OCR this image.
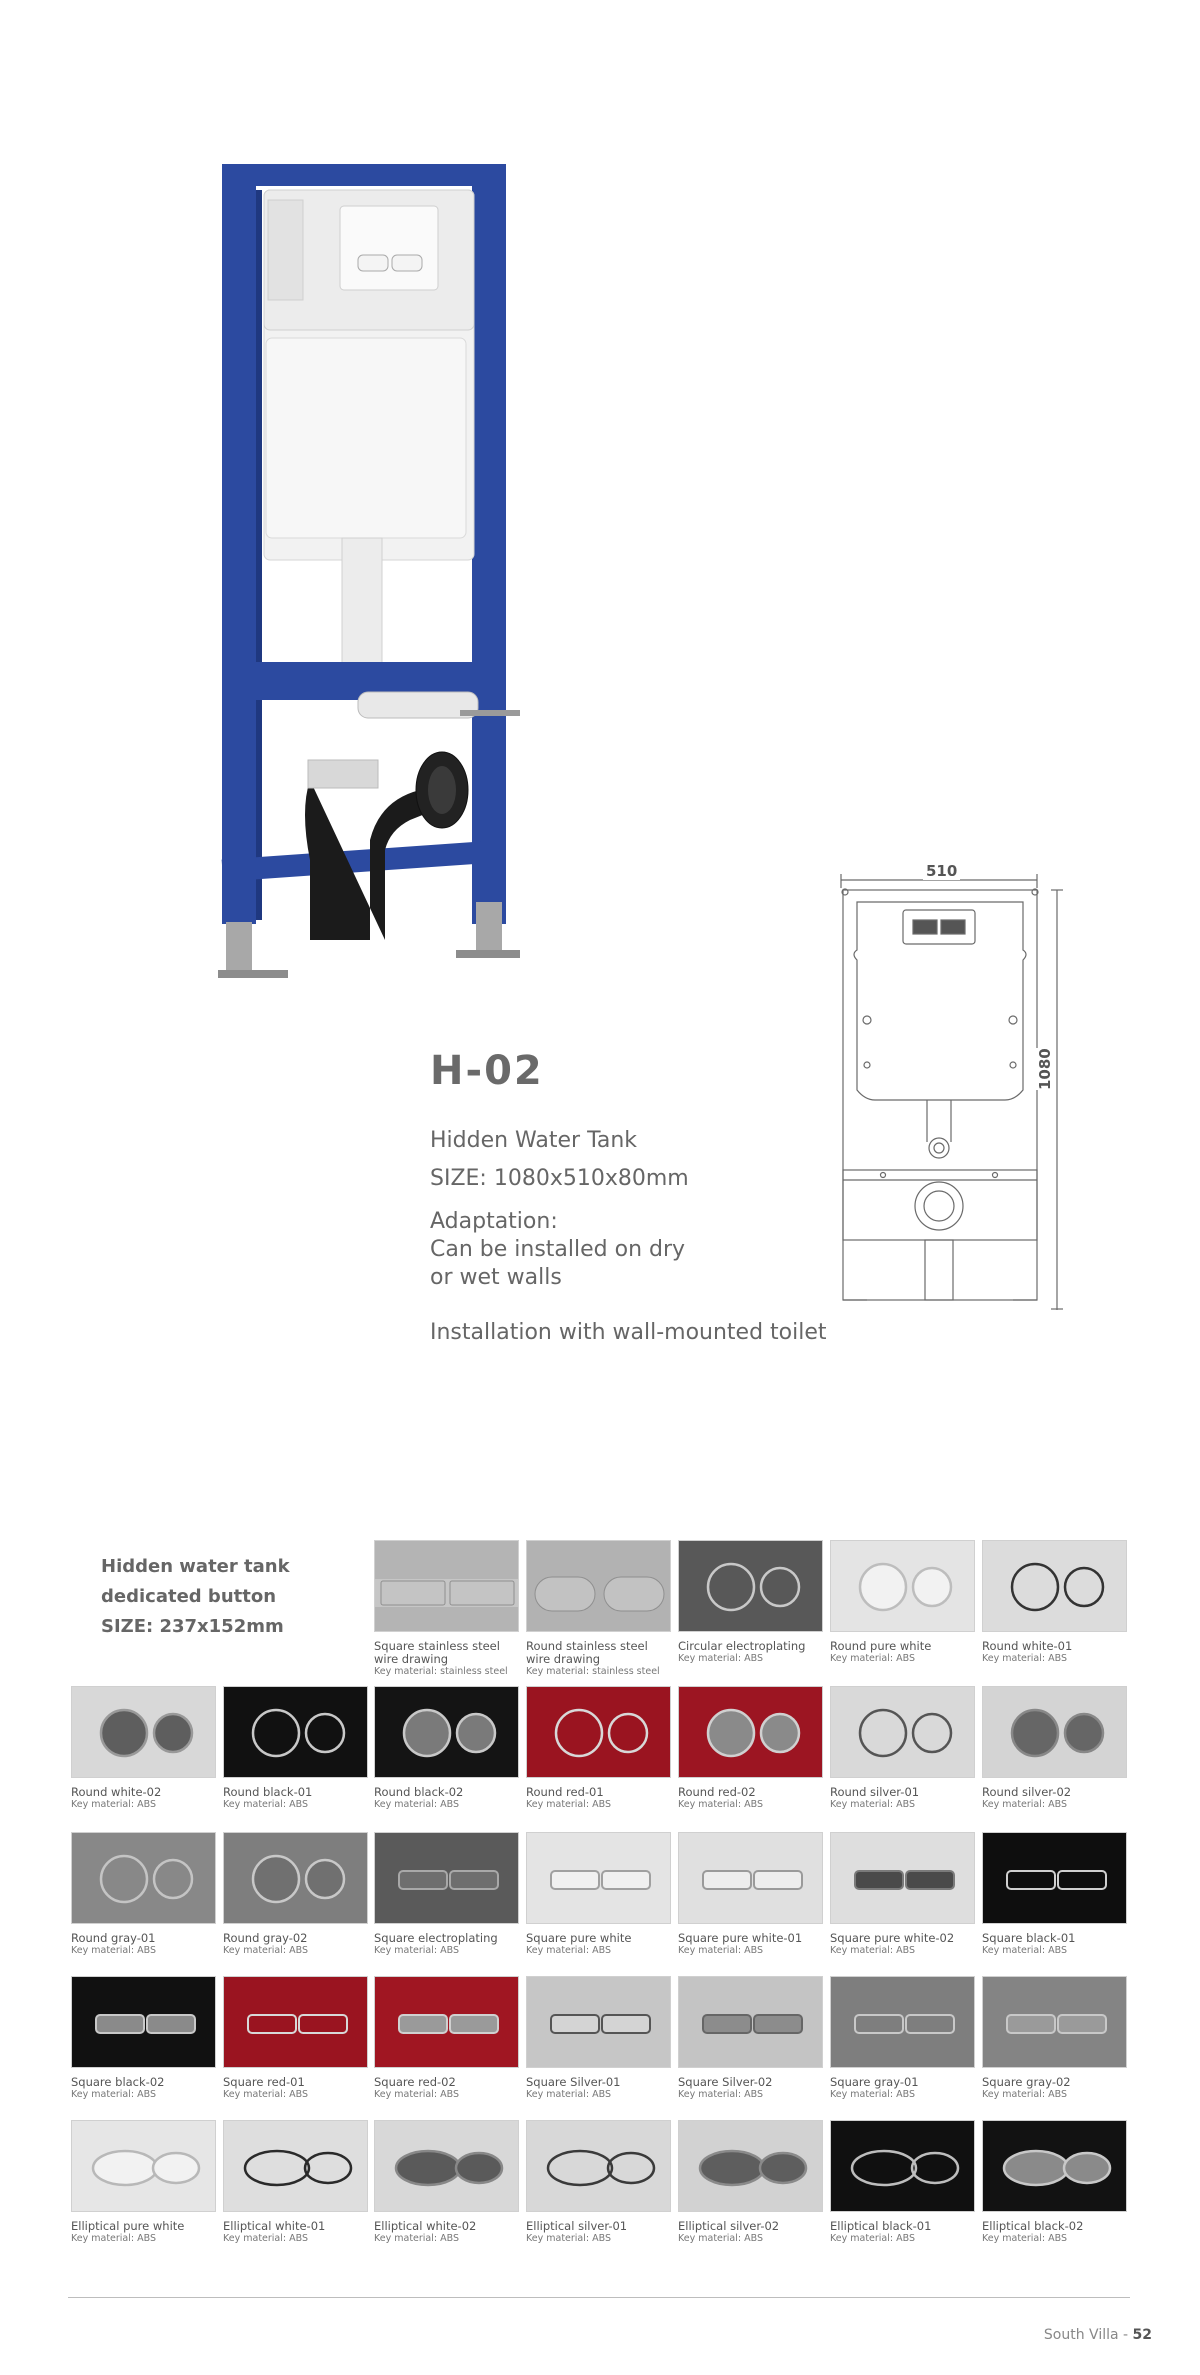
510
1080
H-02
Hidden Water Tank
SIZE: 1080x510x80mm
Adaptation:
Can be installed on dry
or wet walls
Installation with wall-mounted toilet
Hidden water tank
dedicated button
SIZE: 237x152mm
Square stainless steel
wire drawing
Key material: stainless steel
Round stainless steel
wire drawing
Key material: stainless steel
Circular electroplating
Key material: ABS
Round pure white
Key material: ABS
Round white-01
Key material: ABS
Round white-02
Key material: ABS
Round black-01
Key material: ABS
Round black-02
Key material: ABS
Round red-01
Key material: ABS
Round red-02
Key material: ABS
Round silver-01
Key material: ABS
Round silver-02
Key material: ABS
Round gray-01
Key material: ABS
Round gray-02
Key material: ABS
Square electroplating
Key material: ABS
Square pure white
Key material: ABS
Square pure white-01
Key material: ABS
Square pure white-02
Key material: ABS
Square black-01
Key material: ABS
Square black-02
Key material: ABS
Square red-01
Key material: ABS
Square red-02
Key material: ABS
Square Silver-01
Key material: ABS
Square Silver-02
Key material: ABS
Square gray-01
Key material: ABS
Square gray-02
Key material: ABS
Elliptical pure white
Key material: ABS
Elliptical white-01
Key material: ABS
Elliptical white-02
Key material: ABS
Elliptical silver-01
Key material: ABS
Elliptical silver-02
Key material: ABS
Elliptical black-01
Key material: ABS
Elliptical black-02
Key material: ABS
South Villa - 52
